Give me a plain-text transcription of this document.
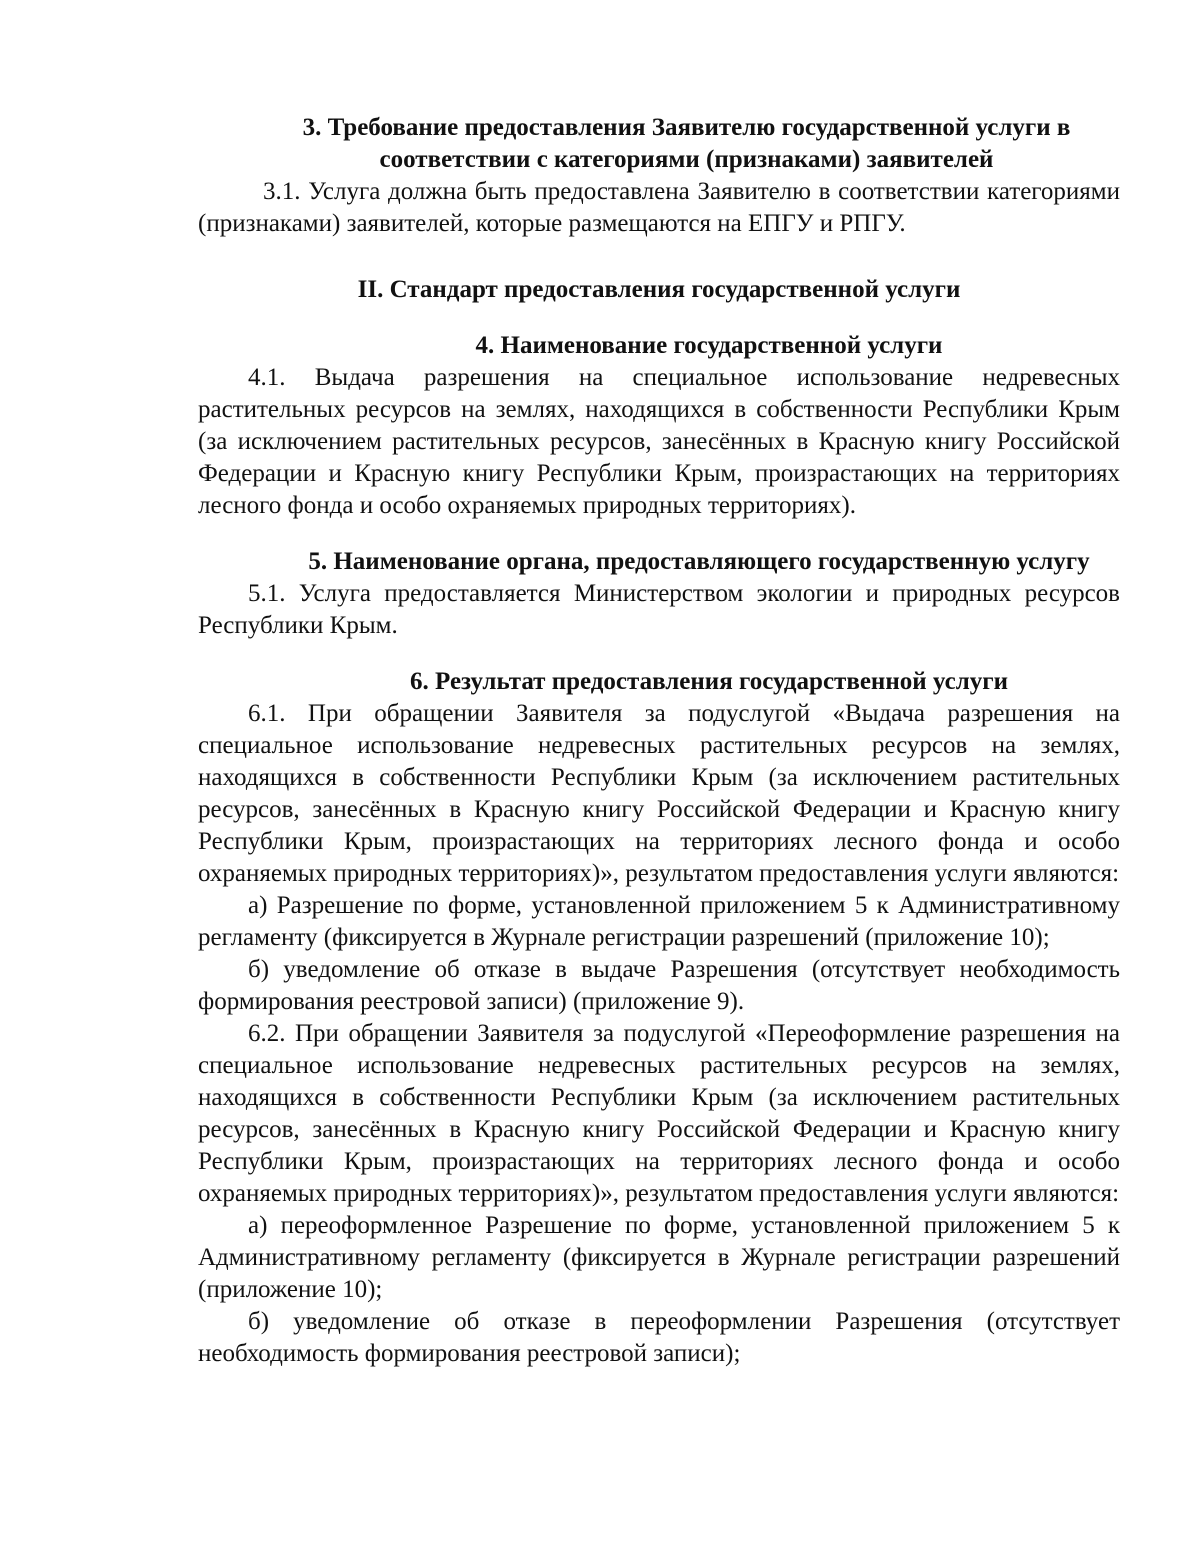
3. Требование предоставления Заявителю государственной услуги в соответствии с категориями (признаками) заявителей

3.1. Услуга должна быть предоставлена Заявителю в соответствии категориями (признаками) заявителей, которые размещаются на ЕПГУ и РПГУ.

II. Стандарт предоставления государственной услуги
4. Наименование государственной услуги

4.1. Выдача разрешения на специальное использование недревесных растительных ресурсов на землях, находящихся в собственности Республики Крым (за исключением растительных ресурсов, занесённых в Красную книгу Российской Федерации и Красную книгу Республики Крым, произрастающих на территориях лесного фонда и особо охраняемых природных территориях).

5. Наименование органа, предоставляющего государственную услугу

5.1. Услуга предоставляется Министерством экологии и природных ресурсов Республики Крым.

6. Результат предоставления государственной услуги

6.1. При обращении Заявителя за подуслугой «Выдача разрешения на специальное использование недревесных растительных ресурсов на землях, находящихся в собственности Республики Крым (за исключением растительных ресурсов, занесённых в Красную книгу Российской Федерации и Красную книгу Республики Крым, произрастающих на территориях лесного фонда и особо охраняемых природных территориях)», результатом предоставления услуги являются:

а) Разрешение по форме, установленной приложением 5 к Административному регламенту (фиксируется в Журнале регистрации разрешений (приложение 10);

б) уведомление об отказе в выдаче Разрешения (отсутствует необходимость формирования реестровой записи) (приложение 9).

6.2. При обращении Заявителя за подуслугой «Переоформление разрешения на специальное использование недревесных растительных ресурсов на землях, находящихся в собственности Республики Крым (за исключением растительных ресурсов, занесённых в Красную книгу Российской Федерации и Красную книгу Республики Крым, произрастающих на территориях лесного фонда и особо охраняемых природных территориях)», результатом предоставления услуги являются:

а) переоформленное Разрешение по форме, установленной приложением 5 к Административному регламенту (фиксируется в Журнале регистрации разрешений (приложение 10);

б) уведомление об отказе в переоформлении Разрешения (отсутствует необходимость формирования реестровой записи);
